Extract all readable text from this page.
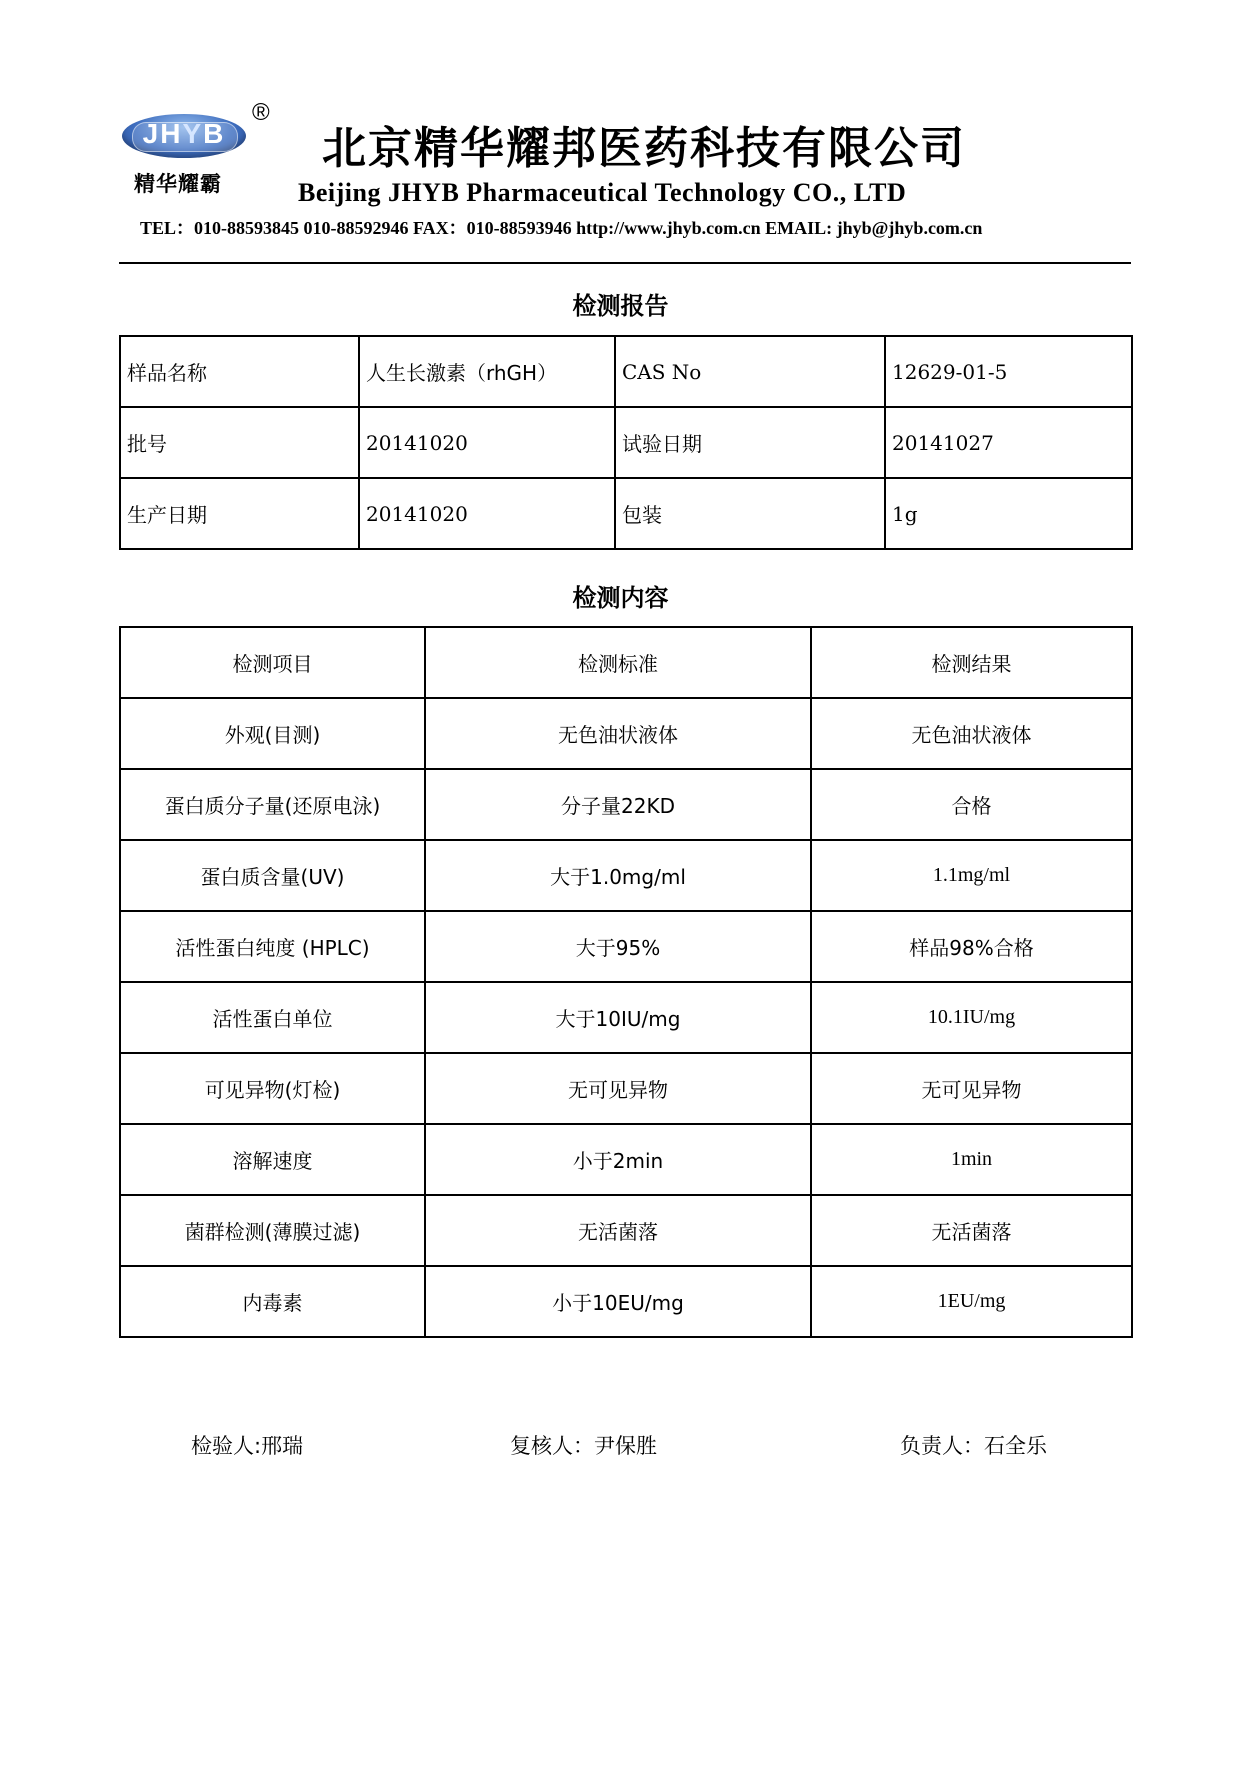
JHYB
®
精华耀霸
北京精华耀邦医药科技有限公司
Beijing JHYB Pharmaceutical Technology CO., LTD
TEL：010-88593845 010-88592946 FAX：010-88593946 http://www.jhyb.com.cn EMAIL: jhyb@jhyb.com.cn
检测报告
样品名称	人生长激素（rhGH）	CAS No	12629-01-5
批号	20141020	试验日期	20141027
生产日期	20141020	包装	1g
检测内容
检测项目	检测标准	检测结果
外观(目测)	无色油状液体	无色油状液体
蛋白质分子量(还原电泳)	分子量22KD	合格
蛋白质含量(UV)	大于1.0mg/ml	1.1mg/ml
活性蛋白纯度 (HPLC)	大于95%	样品98%合格
活性蛋白单位	大于10IU/mg	10.1IU/mg
可见异物(灯检)	无可见异物	无可见异物
溶解速度	小于2min	1min
菌群检测(薄膜过滤)	无活菌落	无活菌落
内毒素	小于10EU/mg	1EU/mg
检验人:邢瑞	复核人：尹保胜	负责人：石全乐
